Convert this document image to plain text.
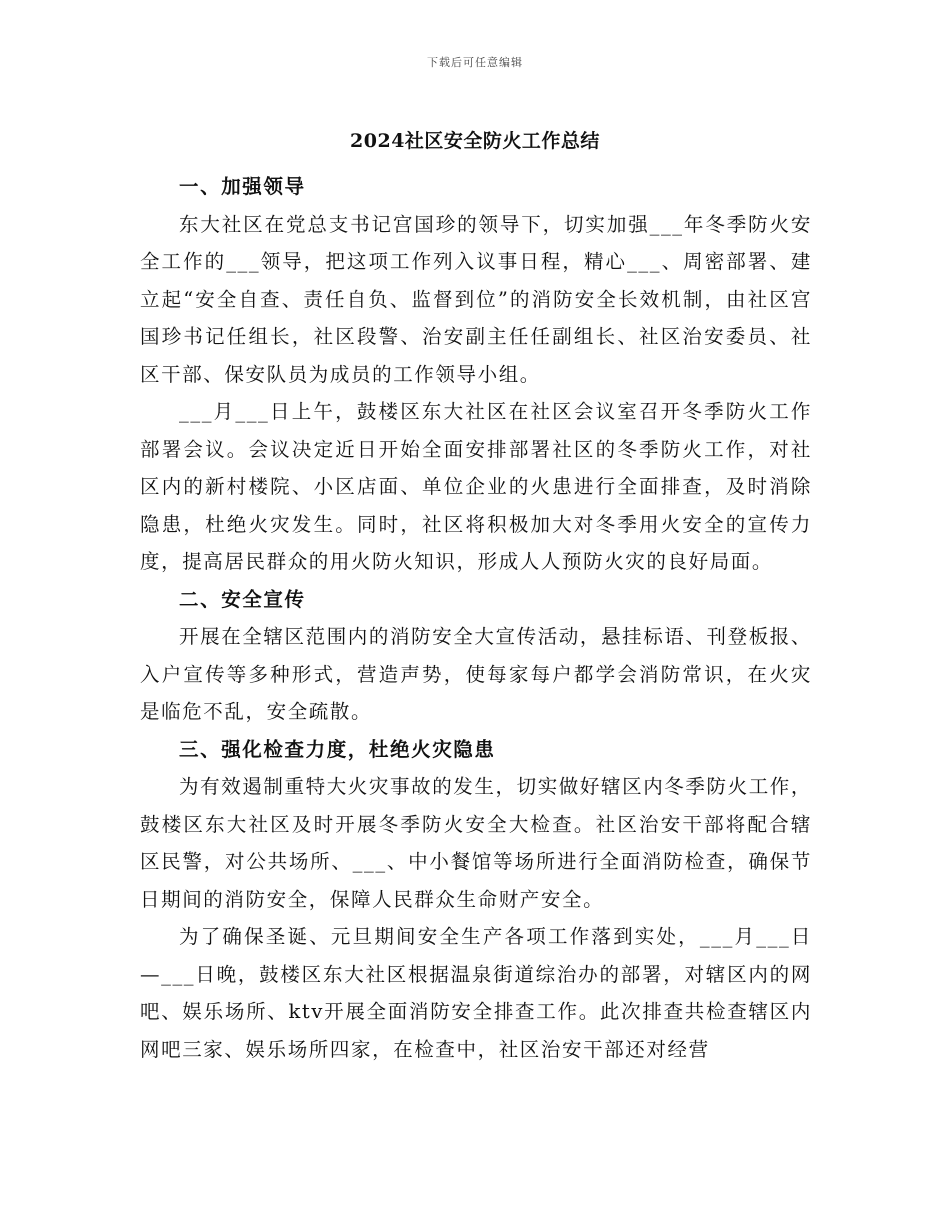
下载后可任意编辑
2024社区安全防火工作总结
一、加强领导

东大社区在党总支书记宫国珍的领导下，切实加强___年冬季防火安全工作的___领导，把这项工作列入议事日程，精心___、周密部署、建立起“安全自查、责任自负、监督到位”的消防安全长效机制，由社区宫国珍书记任组长，社区段警、治安副主任任副组长、社区治安委员、社区干部、保安队员为成员的工作领导小组。

___月___日上午，鼓楼区东大社区在社区会议室召开冬季防火工作部署会议。会议决定近日开始全面安排部署社区的冬季防火工作，对社区内的新村楼院、小区店面、单位企业的火患进行全面排查，及时消除隐患，杜绝火灾发生。同时，社区将积极加大对冬季用火安全的宣传力度，提高居民群众的用火防火知识，形成人人预防火灾的良好局面。

二、安全宣传

开展在全辖区范围内的消防安全大宣传活动，悬挂标语、刊登板报、入户宣传等多种形式，营造声势，使每家每户都学会消防常识，在火灾是临危不乱，安全疏散。

三、强化检查力度，杜绝火灾隐患

为有效遏制重特大火灾事故的发生，切实做好辖区内冬季防火工作，鼓楼区东大社区及时开展冬季防火安全大检查。社区治安干部将配合辖区民警，对公共场所、___、中小餐馆等场所进行全面消防检查，确保节日期间的消防安全，保障人民群众生命财产安全。

为了确保圣诞、元旦期间安全生产各项工作落到实处，___月___日—___日晚，鼓楼区东大社区根据温泉街道综治办的部署，对辖区内的网吧、娱乐场所、ktv开展全面消防安全排查工作。此次排查共检查辖区内网吧三家、娱乐场所四家，在检查中，社区治安干部还对经营
